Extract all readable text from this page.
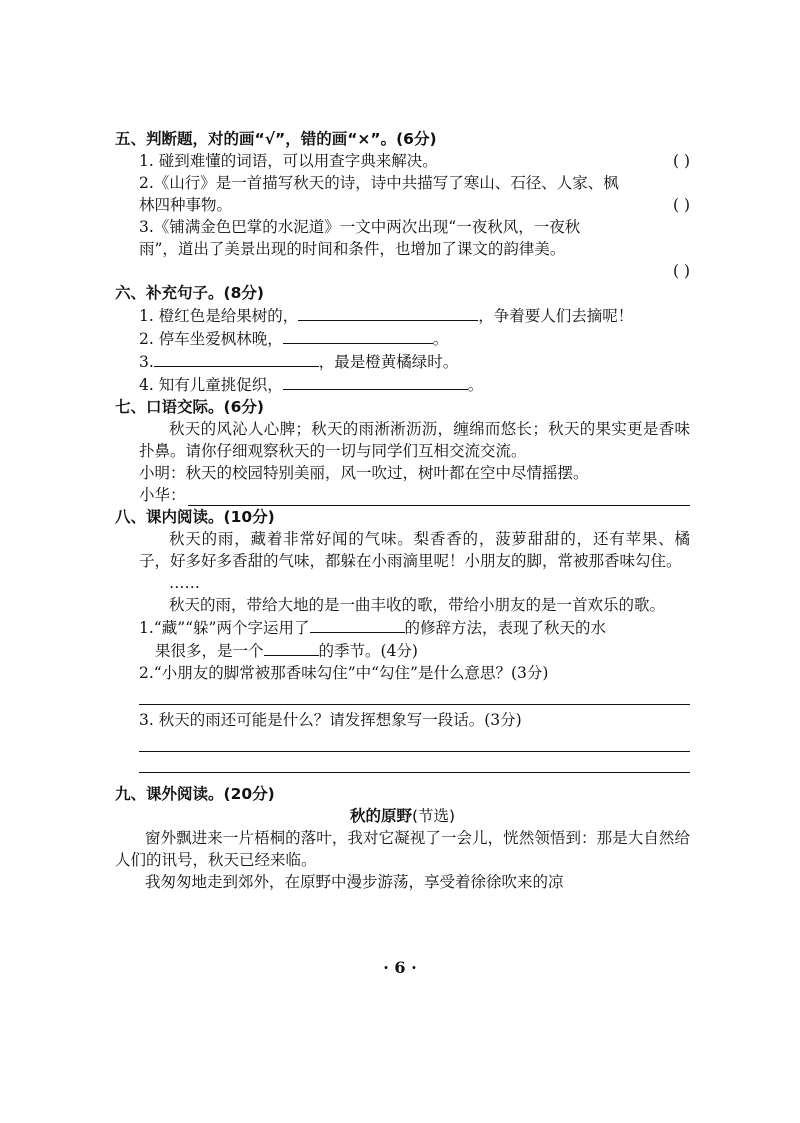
五、判断题，对的画“√”，错的画“×”。(6分)
1. 碰到难懂的词语，可以用查字典来解决。	( )
2.《山行》是一首描写秋天的诗，诗中共描写了寒山、石径、人家、枫
林四种事物。	( )
3.《铺满金色巴掌的水泥道》一文中两次出现“一夜秋风，一夜秋
雨”，道出了美景出现的时间和条件，也增加了课文的韵律美。
( )
六、补充句子。(8分)
1. 橙红色是给果树的，	，争着要人们去摘呢！
2. 停车坐爱枫林晚，	。
3.	，最是橙黄橘绿时。
4. 知有儿童挑促织，	。
七、口语交际。(6分)
秋天的风沁人心脾；秋天的雨淅淅沥沥，缠绵而悠长；秋天的果实更是香味扑鼻。请你仔细观察秋天的一切与同学们互相交流交流。
小明：秋天的校园特别美丽，风一吹过，树叶都在空中尽情摇摆。
小华：
八、课内阅读。(10分)
秋天的雨，藏着非常好闻的气味。梨香香的，菠萝甜甜的，还有苹果、橘子，好多好多香甜的气味，都躲在小雨滴里呢！小朋友的脚，常被那香味勾住。
……
秋天的雨，带给大地的是一曲丰收的歌，带给小朋友的是一首欢乐的歌。
1.“藏”“躲”两个字运用了	的修辞方法，表现了秋天的水
果很多，是一个	的季节。(4分)
2.“小朋友的脚常被那香味勾住”中“勾住”是什么意思？(3分)
3. 秋天的雨还可能是什么？请发挥想象写一段话。(3分)
九、课外阅读。(20分)
秋的原野(节选)
窗外飘进来一片梧桐的落叶，我对它凝视了一会儿，恍然领悟到：那是大自然给人们的讯号，秋天已经来临。
我匆匆地走到郊外，在原野中漫步游荡，享受着徐徐吹来的凉
· 6 ·
